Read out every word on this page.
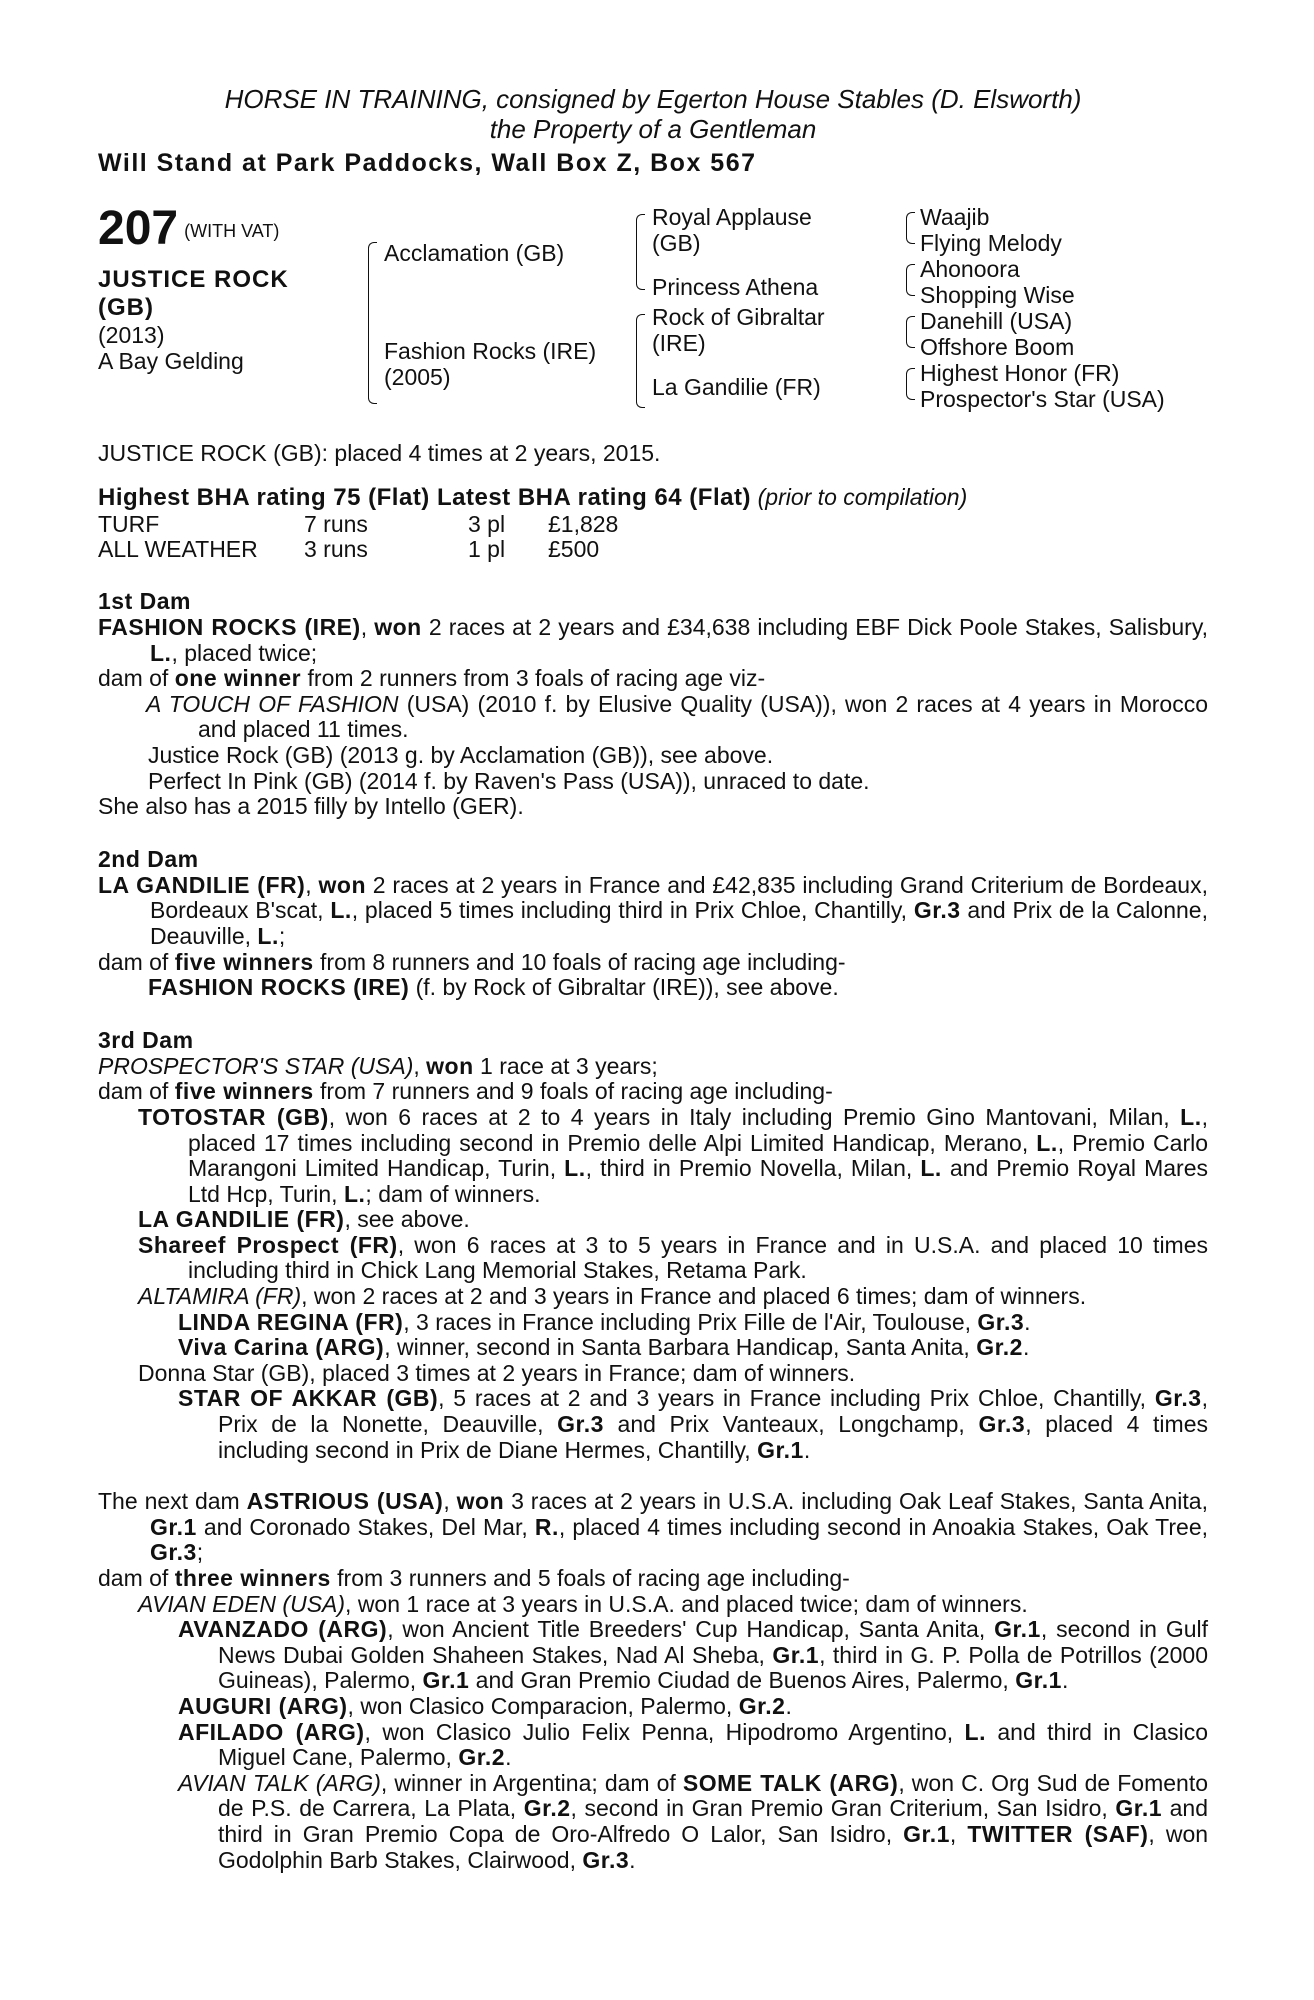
HORSE IN TRAINING, consigned by Egerton House Stables (D. Elsworth)
the Property of a Gentleman
Will Stand at Park Paddocks, Wall Box Z, Box 567
207 (WITH VAT)
JUSTICE ROCK
(GB)
(2013)
A Bay Gelding
Acclamation (GB)
Fashion Rocks (IRE)
(2005)
Royal Applause
(GB)
Princess Athena
Rock of Gibraltar
(IRE)
La Gandilie (FR)
Waajib
Flying Melody
Ahonoora
Shopping Wise
Danehill (USA)
Offshore Boom
Highest Honor (FR)
Prospector's Star (USA)
JUSTICE ROCK (GB): placed 4 times at 2 years, 2015.
Highest BHA rating 75 (Flat) Latest BHA rating 64 (Flat) (prior to compilation)
TURF	7 runs	3 pl	£1,828
ALL WEATHER	3 runs	1 pl	£500
1st Dam

FASHION ROCKS (IRE), won 2 races at 2 years and £34,638 including EBF Dick Poole Stakes, Salisbury, L., placed twice;

dam of one winner from 2 runners from 3 foals of racing age viz-

A TOUCH OF FASHION (USA) (2010 f. by Elusive Quality (USA)), won 2 races at 4 years in Morocco and placed 11 times.

Justice Rock (GB) (2013 g. by Acclamation (GB)), see above.

Perfect In Pink (GB) (2014 f. by Raven's Pass (USA)), unraced to date.

She also has a 2015 filly by Intello (GER).

2nd Dam

LA GANDILIE (FR), won 2 races at 2 years in France and £42,835 including Grand Criterium de Bordeaux, Bordeaux B'scat, L., placed 5 times including third in Prix Chloe, Chantilly, Gr.3 and Prix de la Calonne, Deauville, L.;

dam of five winners from 8 runners and 10 foals of racing age including-

FASHION ROCKS (IRE) (f. by Rock of Gibraltar (IRE)), see above.

3rd Dam

PROSPECTOR'S STAR (USA), won 1 race at 3 years;

dam of five winners from 7 runners and 9 foals of racing age including-

TOTOSTAR (GB), won 6 races at 2 to 4 years in Italy including Premio Gino Mantovani, Milan, L., placed 17 times including second in Premio delle Alpi Limited Handicap, Merano, L., Premio Carlo Marangoni Limited Handicap, Turin, L., third in Premio Novella, Milan, L. and Premio Royal Mares Ltd Hcp, Turin, L.; dam of winners.

LA GANDILIE (FR), see above.

Shareef Prospect (FR), won 6 races at 3 to 5 years in France and in U.S.A. and placed 10 times including third in Chick Lang Memorial Stakes, Retama Park.

ALTAMIRA (FR), won 2 races at 2 and 3 years in France and placed 6 times; dam of winners.

LINDA REGINA (FR), 3 races in France including Prix Fille de l'Air, Toulouse, Gr.3.

Viva Carina (ARG), winner, second in Santa Barbara Handicap, Santa Anita, Gr.2.

Donna Star (GB), placed 3 times at 2 years in France; dam of winners.

STAR OF AKKAR (GB), 5 races at 2 and 3 years in France including Prix Chloe, Chantilly, Gr.3, Prix de la Nonette, Deauville, Gr.3 and Prix Vanteaux, Longchamp, Gr.3, placed 4 times including second in Prix de Diane Hermes, Chantilly, Gr.1.

The next dam ASTRIOUS (USA), won 3 races at 2 years in U.S.A. including Oak Leaf Stakes, Santa Anita, Gr.1 and Coronado Stakes, Del Mar, R., placed 4 times including second in Anoakia Stakes, Oak Tree, Gr.3;

dam of three winners from 3 runners and 5 foals of racing age including-

AVIAN EDEN (USA), won 1 race at 3 years in U.S.A. and placed twice; dam of winners.

AVANZADO (ARG), won Ancient Title Breeders' Cup Handicap, Santa Anita, Gr.1, second in Gulf News Dubai Golden Shaheen Stakes, Nad Al Sheba, Gr.1, third in G. P. Polla de Potrillos (2000 Guineas), Palermo, Gr.1 and Gran Premio Ciudad de Buenos Aires, Palermo, Gr.1.

AUGURI (ARG), won Clasico Comparacion, Palermo, Gr.2.

AFILADO (ARG), won Clasico Julio Felix Penna, Hipodromo Argentino, L. and third in Clasico Miguel Cane, Palermo, Gr.2.

AVIAN TALK (ARG), winner in Argentina; dam of SOME TALK (ARG), won C. Org Sud de Fomento de P.S. de Carrera, La Plata, Gr.2, second in Gran Premio Gran Criterium, San Isidro, Gr.1 and third in Gran Premio Copa de Oro-Alfredo O Lalor, San Isidro, Gr.1, TWITTER (SAF), won Godolphin Barb Stakes, Clairwood, Gr.3.
